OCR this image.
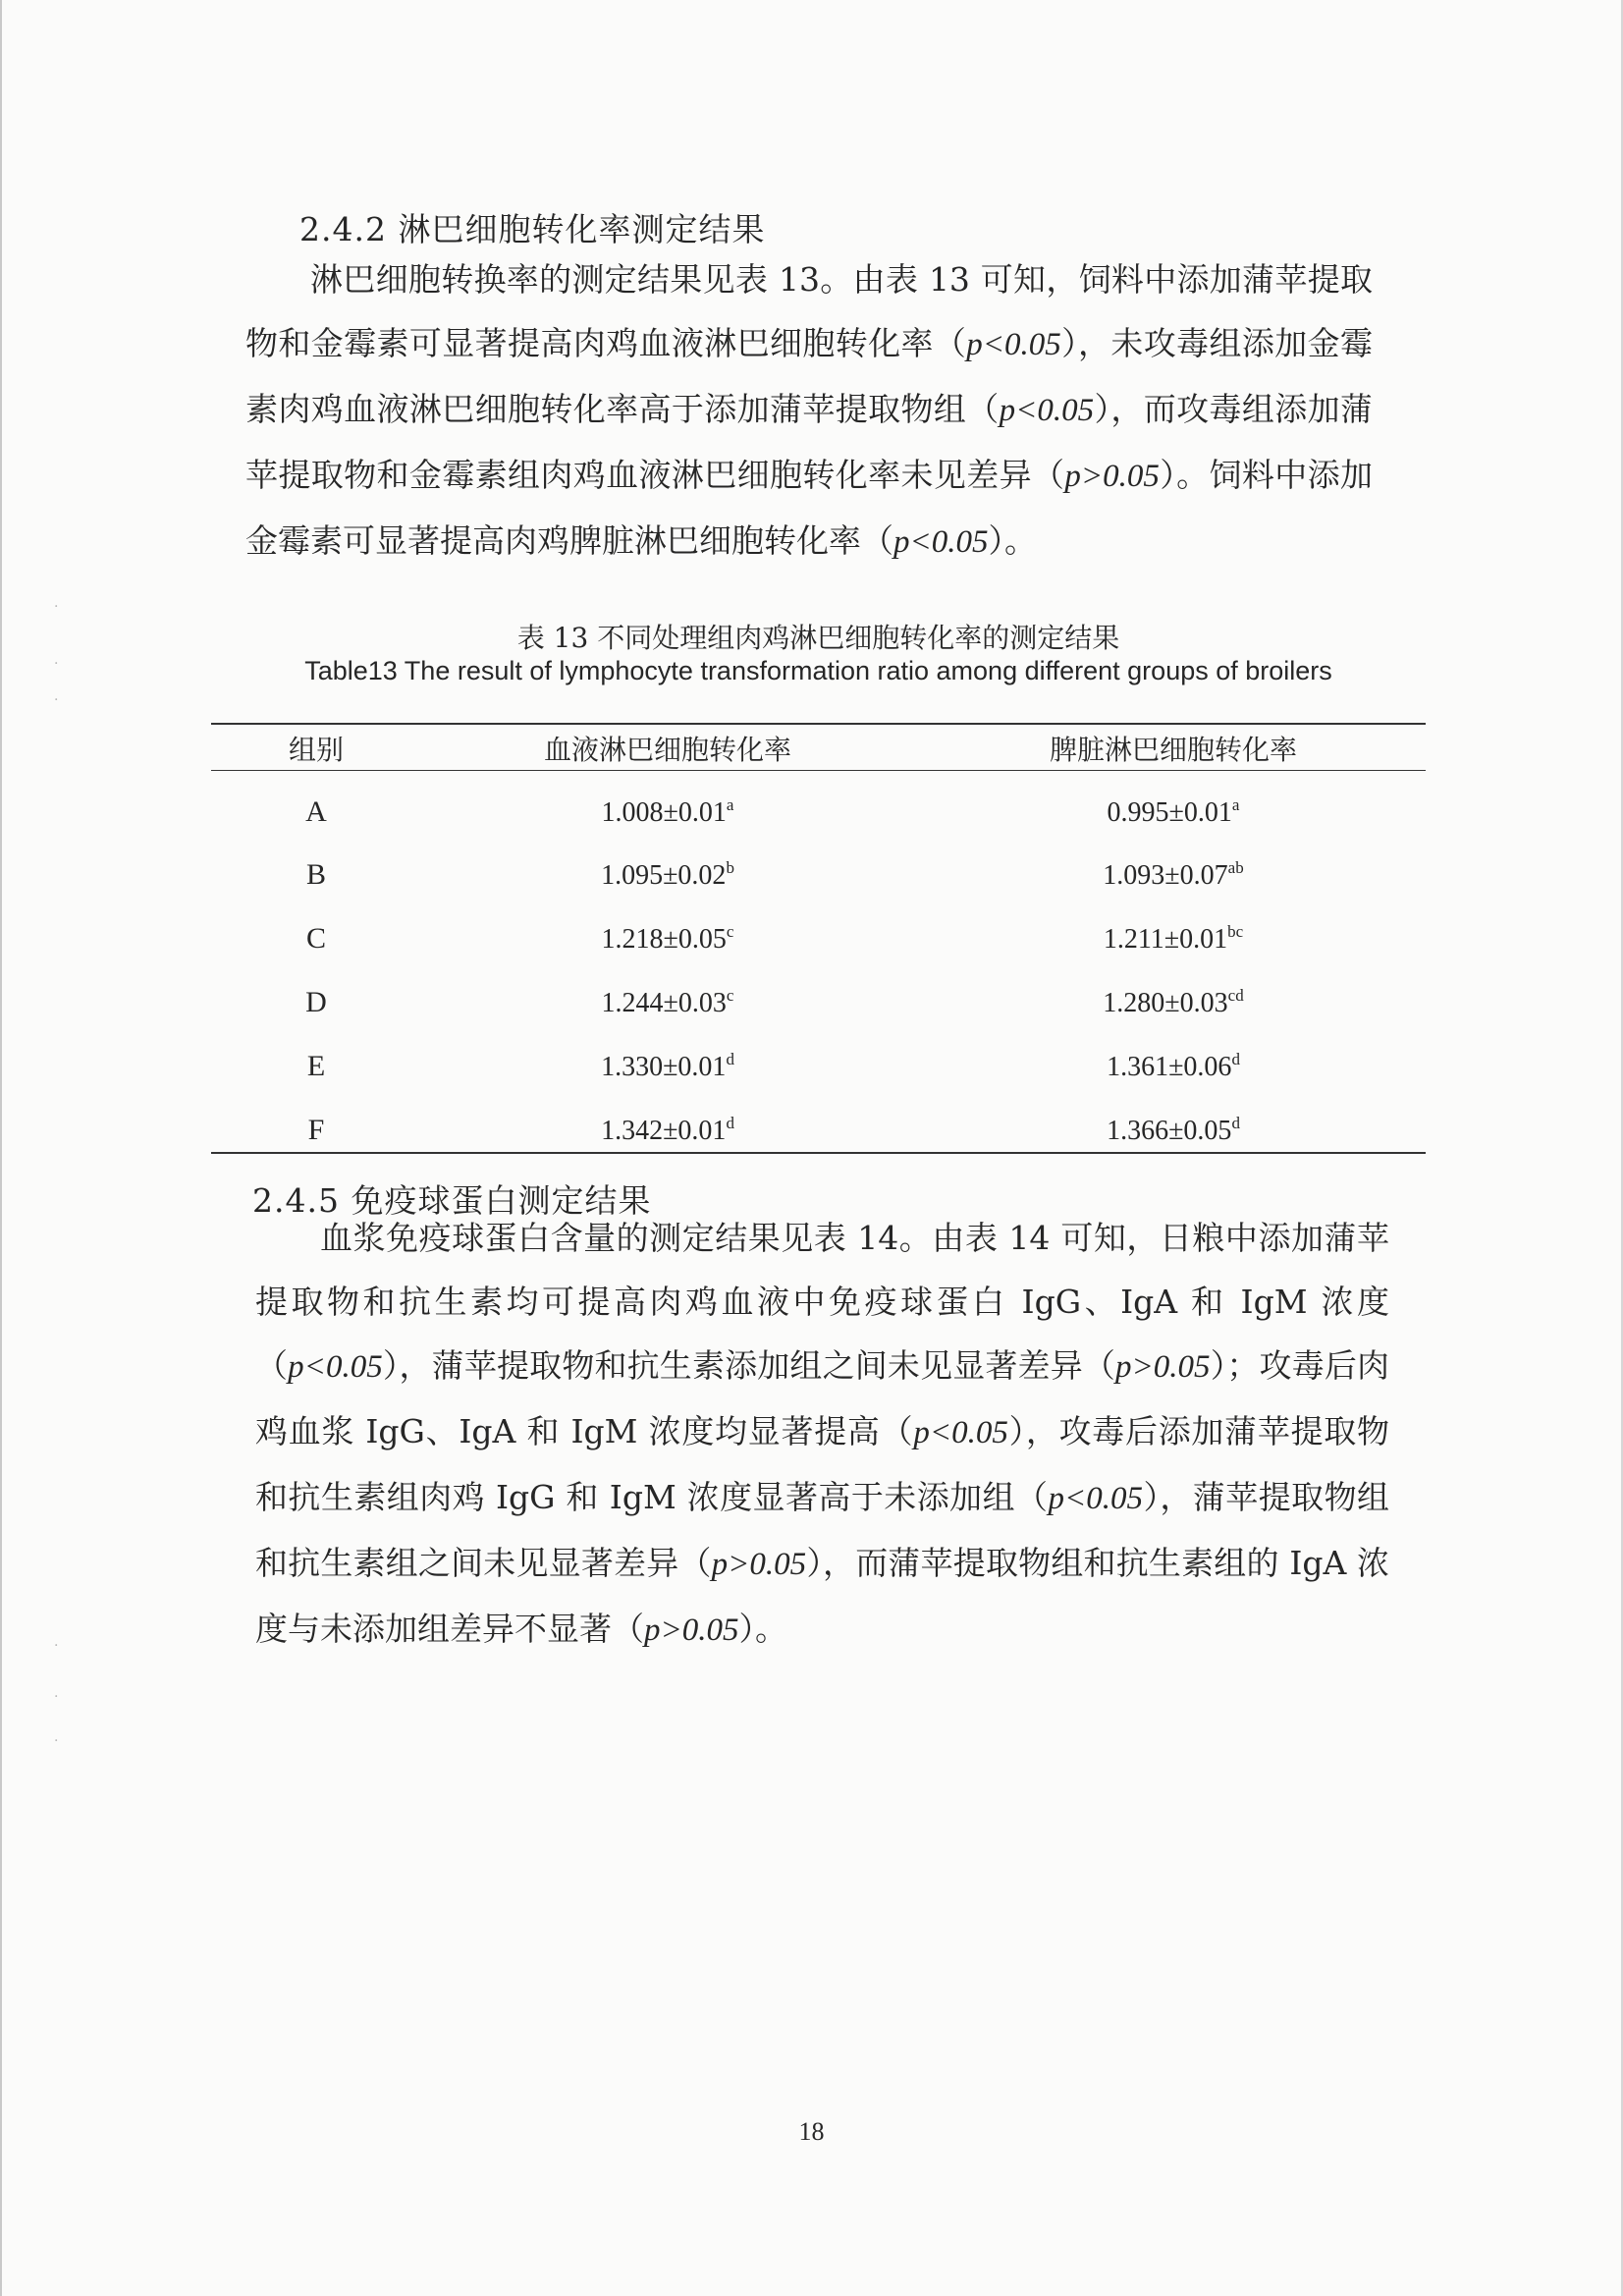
·
·
·
·
·
·
2.4.2 淋巴细胞转化率测定结果

淋巴细胞转换率的测定结果见表 13。由表 13 可知，饲料中添加蒲苹提取物和金霉素可显著提高肉鸡血液淋巴细胞转化率（p<0.05），未攻毒组添加金霉素肉鸡血液淋巴细胞转化率高于添加蒲苹提取物组（p<0.05），而攻毒组添加蒲苹提取物和金霉素组肉鸡血液淋巴细胞转化率未见差异（p>0.05）。饲料中添加金霉素可显著提高肉鸡脾脏淋巴细胞转化率（p<0.05）。

表 13 不同处理组肉鸡淋巴细胞转化率的测定结果
Table13 The result of lymphocyte transformation ratio among different groups of broilers
组别	血液淋巴细胞转化率	脾脏淋巴细胞转化率
A	1.008±0.01$^a$	0.995±0.01$^a$
B	1.095±0.02$^b$	1.093±0.07$^{ab}$
C	1.218±0.05$^c$	1.211±0.01$^{bc}$
D	1.244±0.03$^c$	1.280±0.03$^{cd}$
E	1.330±0.01$^d$	1.361±0.06$^d$
F	1.342±0.01$^d$	1.366±0.05$^d$
2.4.5 免疫球蛋白测定结果

血浆免疫球蛋白含量的测定结果见表 14。由表 14 可知，日粮中添加蒲苹提取物和抗生素均可提高肉鸡血液中免疫球蛋白 IgG、IgA 和 IgM 浓度（p<0.05），蒲苹提取物和抗生素添加组之间未见显著差异（p>0.05）；攻毒后肉鸡血浆 IgG、IgA 和 IgM 浓度均显著提高（p<0.05），攻毒后添加蒲苹提取物和抗生素组肉鸡 IgG 和 IgM 浓度显著高于未添加组（p<0.05），蒲苹提取物组和抗生素组之间未见显著差异（p>0.05），而蒲苹提取物组和抗生素组的 IgA 浓度与未添加组差异不显著（p>0.05）。

18
